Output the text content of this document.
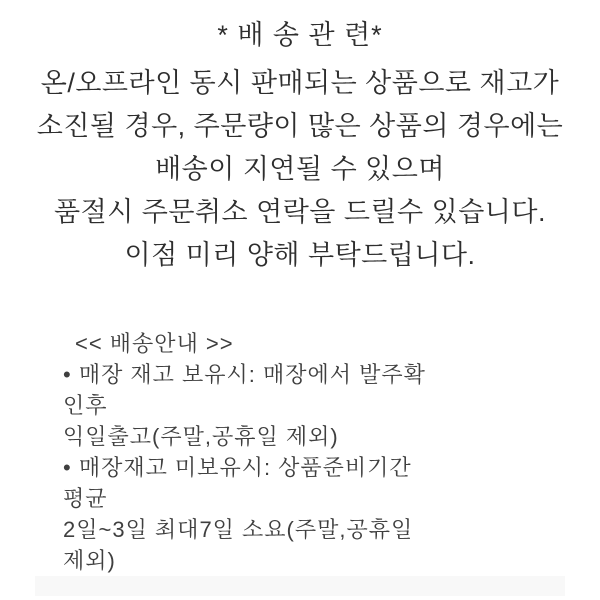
* 배 송 관 련*
온/오프라인 동시 판매되는 상품으로 재고가
소진될 경우, 주문량이 많은 상품의 경우에는
배송이 지연될 수 있으며
품절시 주문취소 연락을 드릴수 있습니다.
이점 미리 양해 부탁드립니다.
<< 배송안내 >>
• 매장 재고 보유시: 매장에서 발주확
인후
익일출고(주말,공휴일 제외)
• 매장재고 미보유시: 상품준비기간
평균
2일~3일 최대7일 소요(주말,공휴일
제외)
